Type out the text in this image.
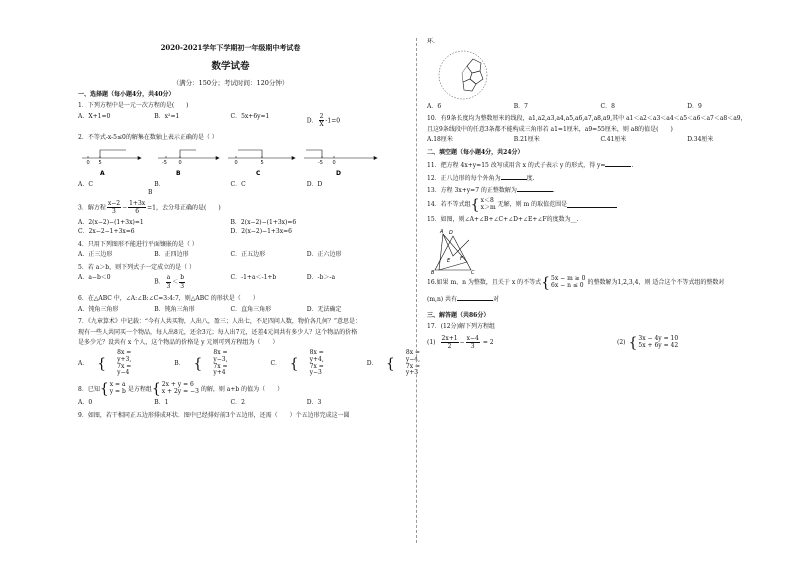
2020-2021学年下学期初一年级期中考试卷
数学试卷
（满分：150分；考试时间：120分钟）
一、选择题（每小题4分，共40分）
1．下列方程中是一元一次方程的是(　　)
A．X+1=0	B．x²=1	C．5x+6y=1
D． $\frac{2}{X} -1=0$
2．不等式-x-5≤0的解集在数轴上表示正确的是（ ）
0 5	-5 0	0	5	-5 0
A	B	C	D
A．C	B．	C．C	D．D
B
3．解方程 $\frac{x-2}{3} - \frac{1+3x}{6} =1$，去分母正确的是(　　)
A．2(x−2)−(1+3x)=1	B．2(x−2)−(1+3x)=6
C．2x−2−1+3x=6	D．2(x−2)−1+3x=6
4．只用下列图形不能进行平面镶嵌的是（ ）
A．正三边形	B．正四边形	C．正五边形	D．正六边形
5．若 a＞b，则下列式子一定成立的是（ ）
A．a−b＜0
B． $\frac{a}{3} < \frac{b}{3}$	C．-1+a＜-1+b	D．-b＞-a
6．在△ABC 中，∠A:∠B:∠C=3:4:7，则△ABC 的形状是（　　）
A．钝角三角形	B．钝角三角形	C．直角三角形	D．无法确定
7．《九章算术》中记载：“今有人共买物，人出八，盈三；人出七，不足四问人数，物价各几何？”意思是：
现有一些人共同买一个物品，每人出8元，还余3元；每人出7元，还差4元问共有多少人？这个物品的价格
是多少元？设共有 x 个人，这个物品的价格是 y 元则可列方程组为（　　）
A． {
8x = y+3,
7x = y−4
B． {
8x = y−3,
7x = y+4
C． {
8x = y+4,
7x = y−3
D． {
8x = y−4,
7x = y+3
8．已知 { x = a
y = b 是方程组 { 2x + y = 6
x + 2y = −3 的解，则 a+b 的值为（　　）
A．0	B．1	C．2	D．3
9．如图，若干相同正五边形排成环状．图中已经排好前3个五边形，还需（　　）个五边形完成这一圆
环.
A．6	B．7	C．8	D．9
10．有9条长度均为整数厘米的线段，a1,a2,a3,a4,a5,a6,a7,a8,a9,其中 a1＜a2＜a3＜a4＜a5＜a6＜a7＜a8＜a9，
且这9条线段中的任意3条都不能构成三角形若 a1=1厘米，a9=55厘米，则 a8的值是(　　)
A.18厘米	B.21厘米	C.41厘米	D.34厘米
二、填空题（每小题4分，共24分）
11．把方程 4x+y=15 改写成用含 x 的式子表示 y 的形式，得 y=	.
12．正八边形的每个外角为	度.
13．方程 3x+y=7 的正整数解为	.
14．若不等式组 { x＜8
x＞m 无解，则 m 的取值范围是
15．如图，则∠A+∠B+∠C+∠D+∠E+∠F的度数为__.
A
B	C
D
E F
16.如果 m、n 为整数，且关于 x 的不等式 { 5x − m ≥ 0
6x − n ≤ 0 的整数解为1,2,3,4，则 适合这个不等式组的整数对
(m,n) 共有	对
三、解答题（共86分）
17．(12分)解下列方程组
$(1) \frac{2x+1}{2} - \frac{x-4}{3} = 2$	(2) { 3x − 4y = 10
5x + 6y = 42
